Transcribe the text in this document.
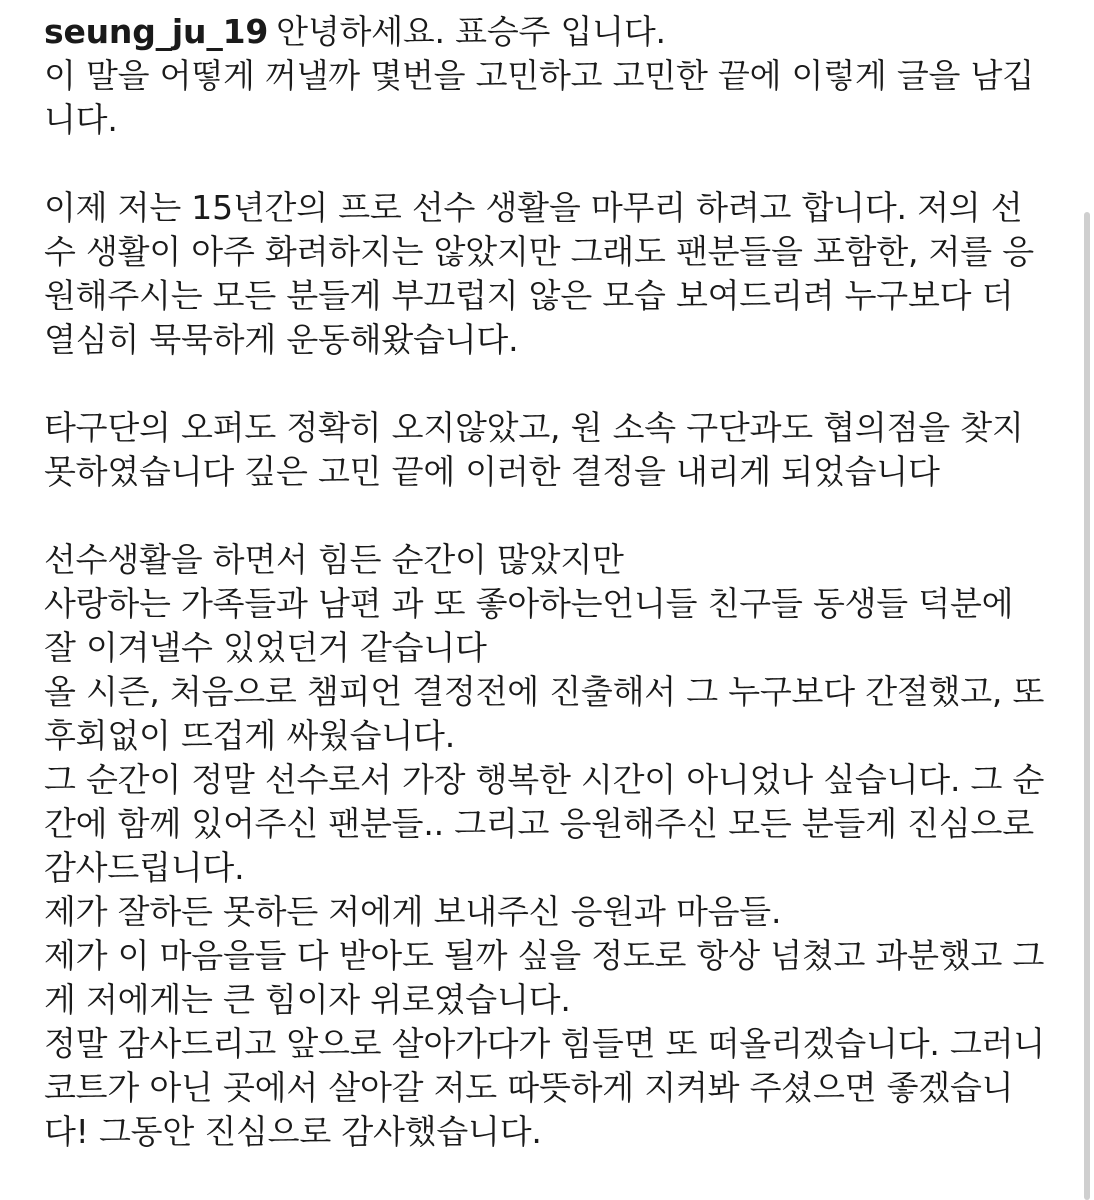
seung_ju_19 안녕하세요. 표승주 입니다.
이 말을 어떻게 꺼낼까 몇번을 고민하고 고민한 끝에 이렇게 글을 남깁
니다.
이제 저는 15년간의 프로 선수 생활을 마무리 하려고 합니다. 저의 선
수 생활이 아주 화려하지는 않았지만 그래도 팬분들을 포함한, 저를 응
원해주시는 모든 분들게 부끄럽지 않은 모습 보여드리려 누구보다 더
열심히 묵묵하게 운동해왔습니다.
타구단의 오퍼도 정확히 오지않았고, 원 소속 구단과도 협의점을 찾지
못하였습니다 깊은 고민 끝에 이러한 결정을 내리게 되었습니다
선수생활을 하면서 힘든 순간이 많았지만
사랑하는 가족들과 남편 과 또 좋아하는언니들 친구들 동생들 덕분에
잘 이겨낼수 있었던거 같습니다
올 시즌, 처음으로 챔피언 결정전에 진출해서 그 누구보다 간절했고, 또
후회없이 뜨겁게 싸웠습니다.
그 순간이 정말 선수로서 가장 행복한 시간이 아니었나 싶습니다. 그 순
간에 함께 있어주신 팬분들.. 그리고 응원해주신 모든 분들게 진심으로
감사드립니다.
제가 잘하든 못하든 저에게 보내주신 응원과 마음들.
제가 이 마음을들 다 받아도 될까 싶을 정도로 항상 넘쳤고 과분했고 그
게 저에게는 큰 힘이자 위로였습니다.
정말 감사드리고 앞으로 살아가다가 힘들면 또 떠올리겠습니다. 그러니
코트가 아닌 곳에서 살아갈 저도 따뜻하게 지켜봐 주셨으면 좋겠습니
다! 그동안 진심으로 감사했습니다.
